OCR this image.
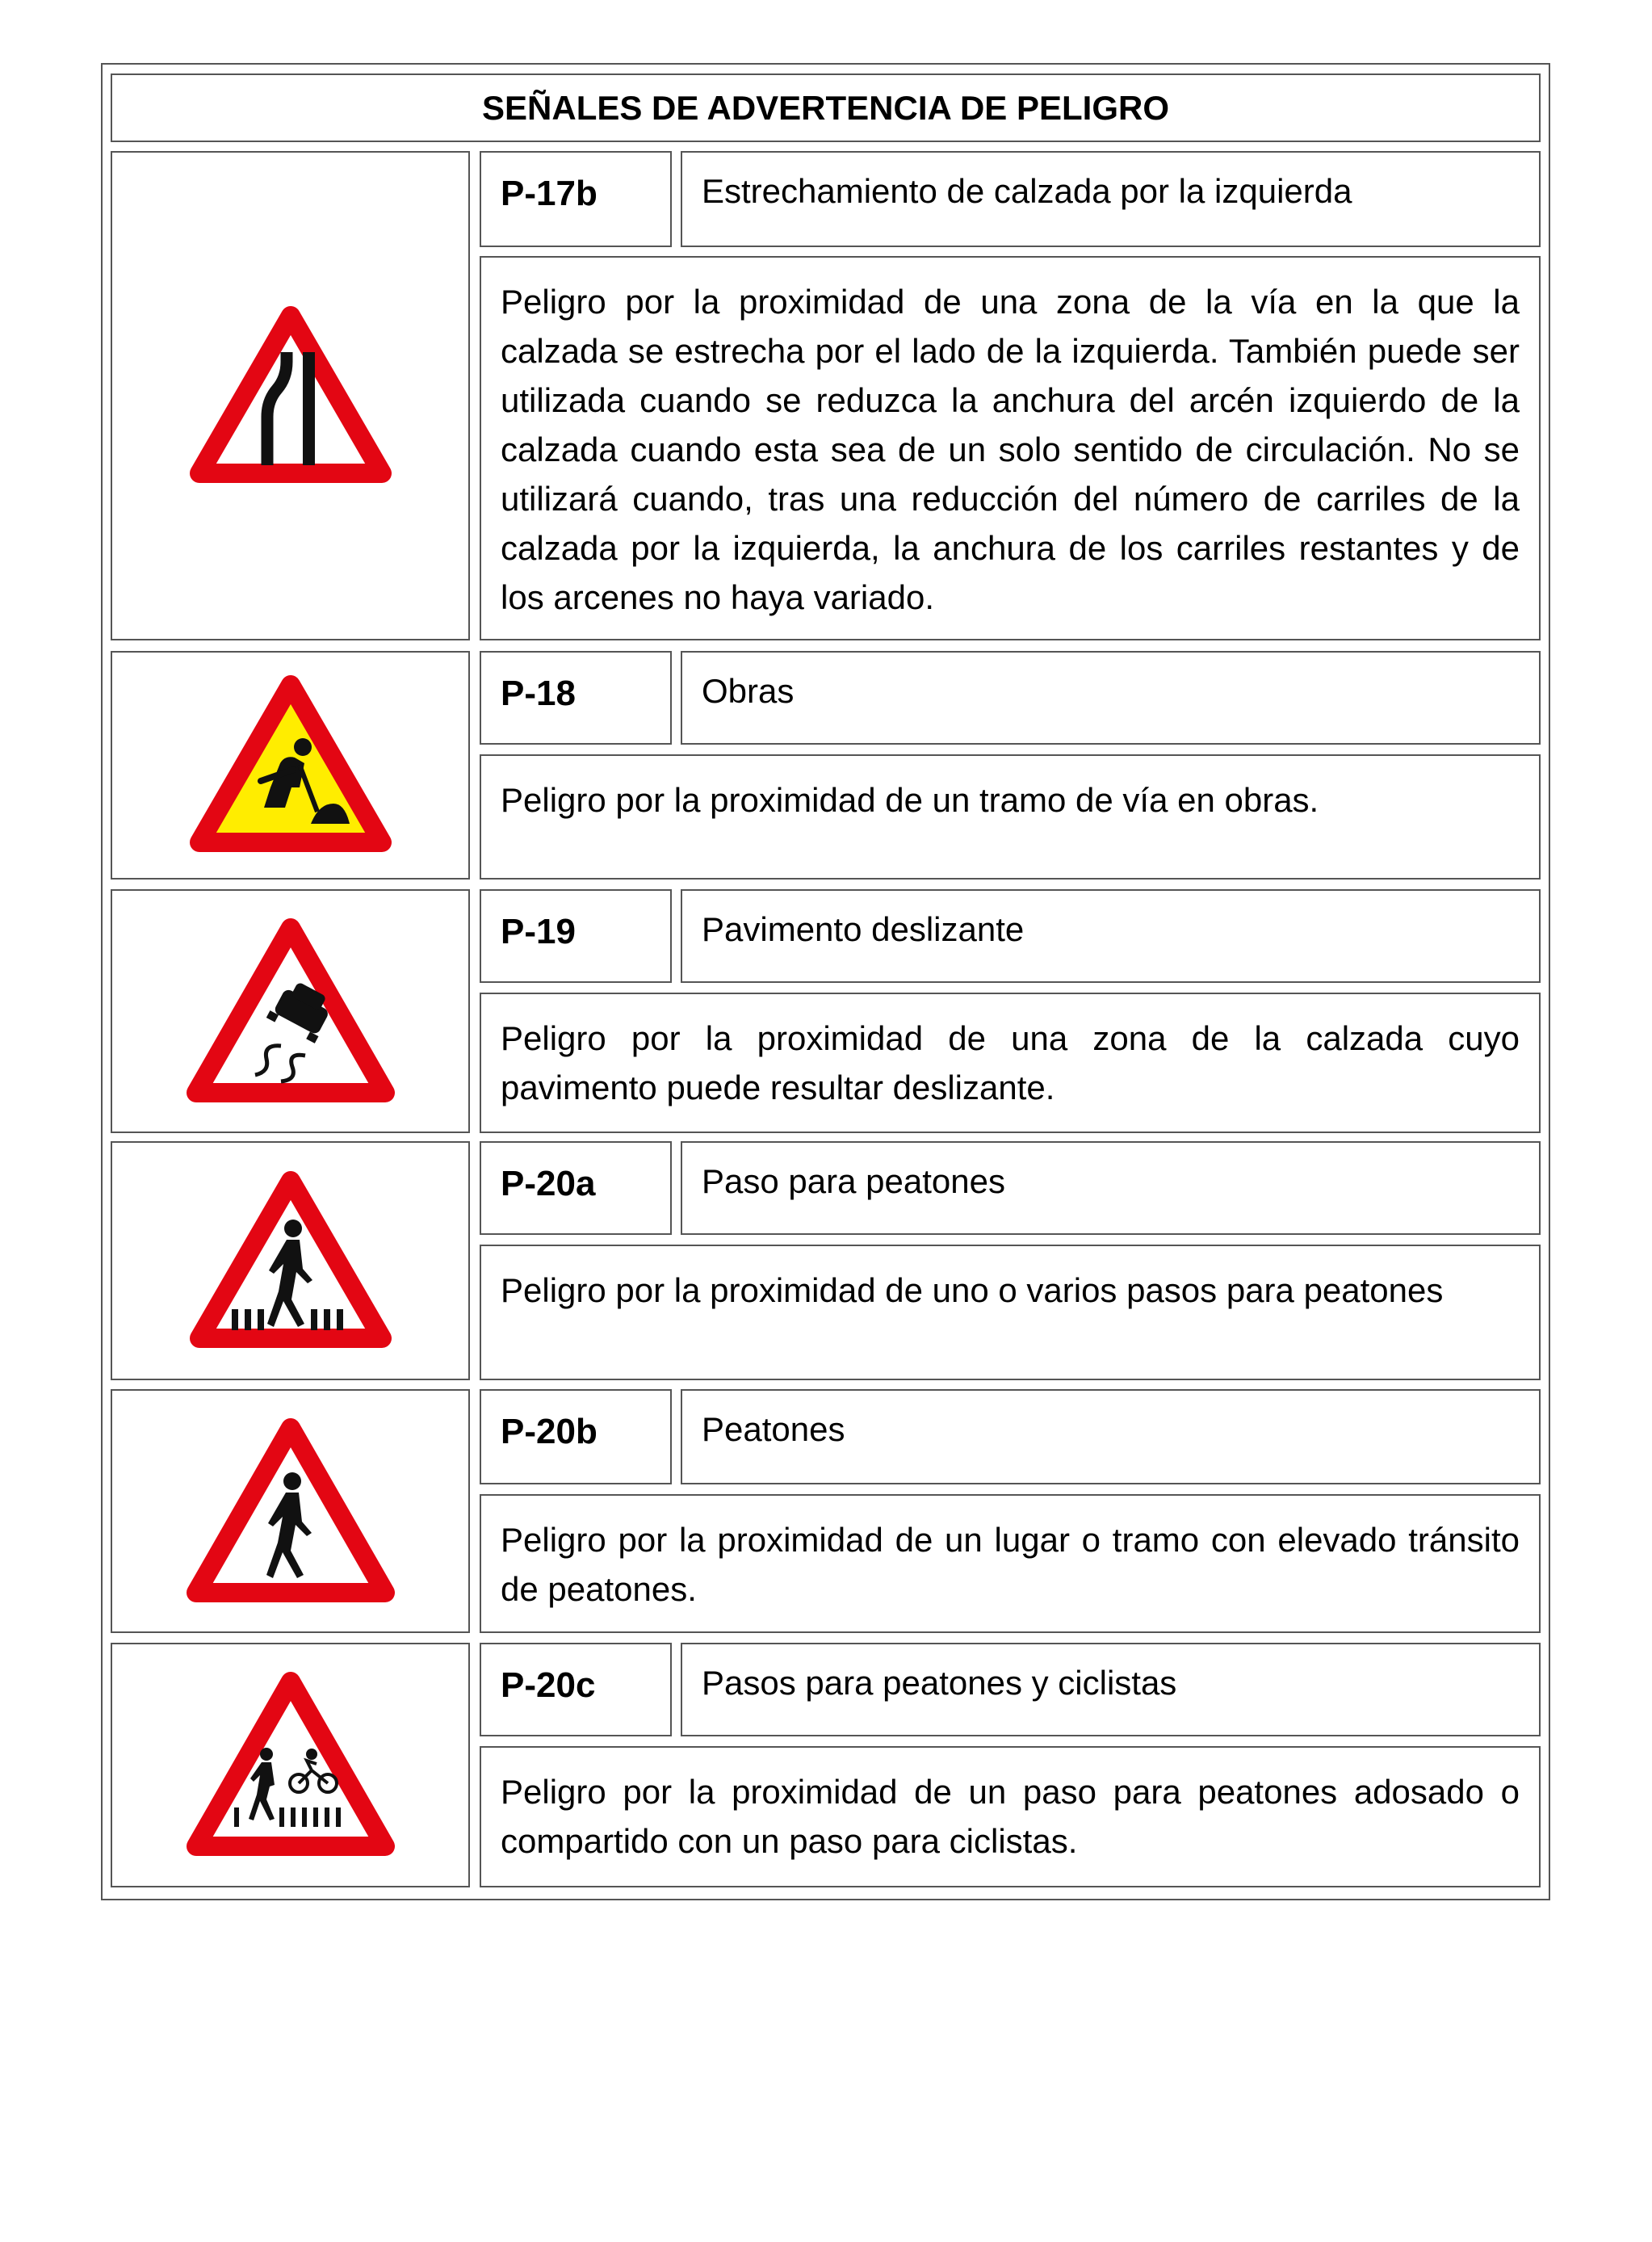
SEÑALES DE ADVERTENCIA DE PELIGRO
P-17b	Estrechamiento de calzada por la izquierda
Peligro por la proximidad de una zona de la vía en la que la calzada se estrecha por el lado de la izquierda. También puede ser utilizada cuando se reduzca la anchura del arcén izquierdo de la calzada cuando esta sea de un solo sentido de circulación. No se utilizará cuando, tras una reducción del número de carriles de la calzada por la izquierda, la anchura de los carriles restantes y de los arcenes no haya variado.
P-18	Obras
Peligro por la proximidad de un tramo de vía en obras.
P-19	Pavimento deslizante
Peligro por la proximidad de una zona de la calzada cuyo pavimento puede resultar deslizante.
P-20a	Paso para peatones
Peligro por la proximidad de uno o varios pasos para peatones
P-20b	Peatones
Peligro por la proximidad de un lugar o tramo con elevado tránsito de peatones.
P-20c	Pasos para peatones y ciclistas
Peligro por la proximidad de un paso para peatones adosado o compartido con un paso para ciclistas.
